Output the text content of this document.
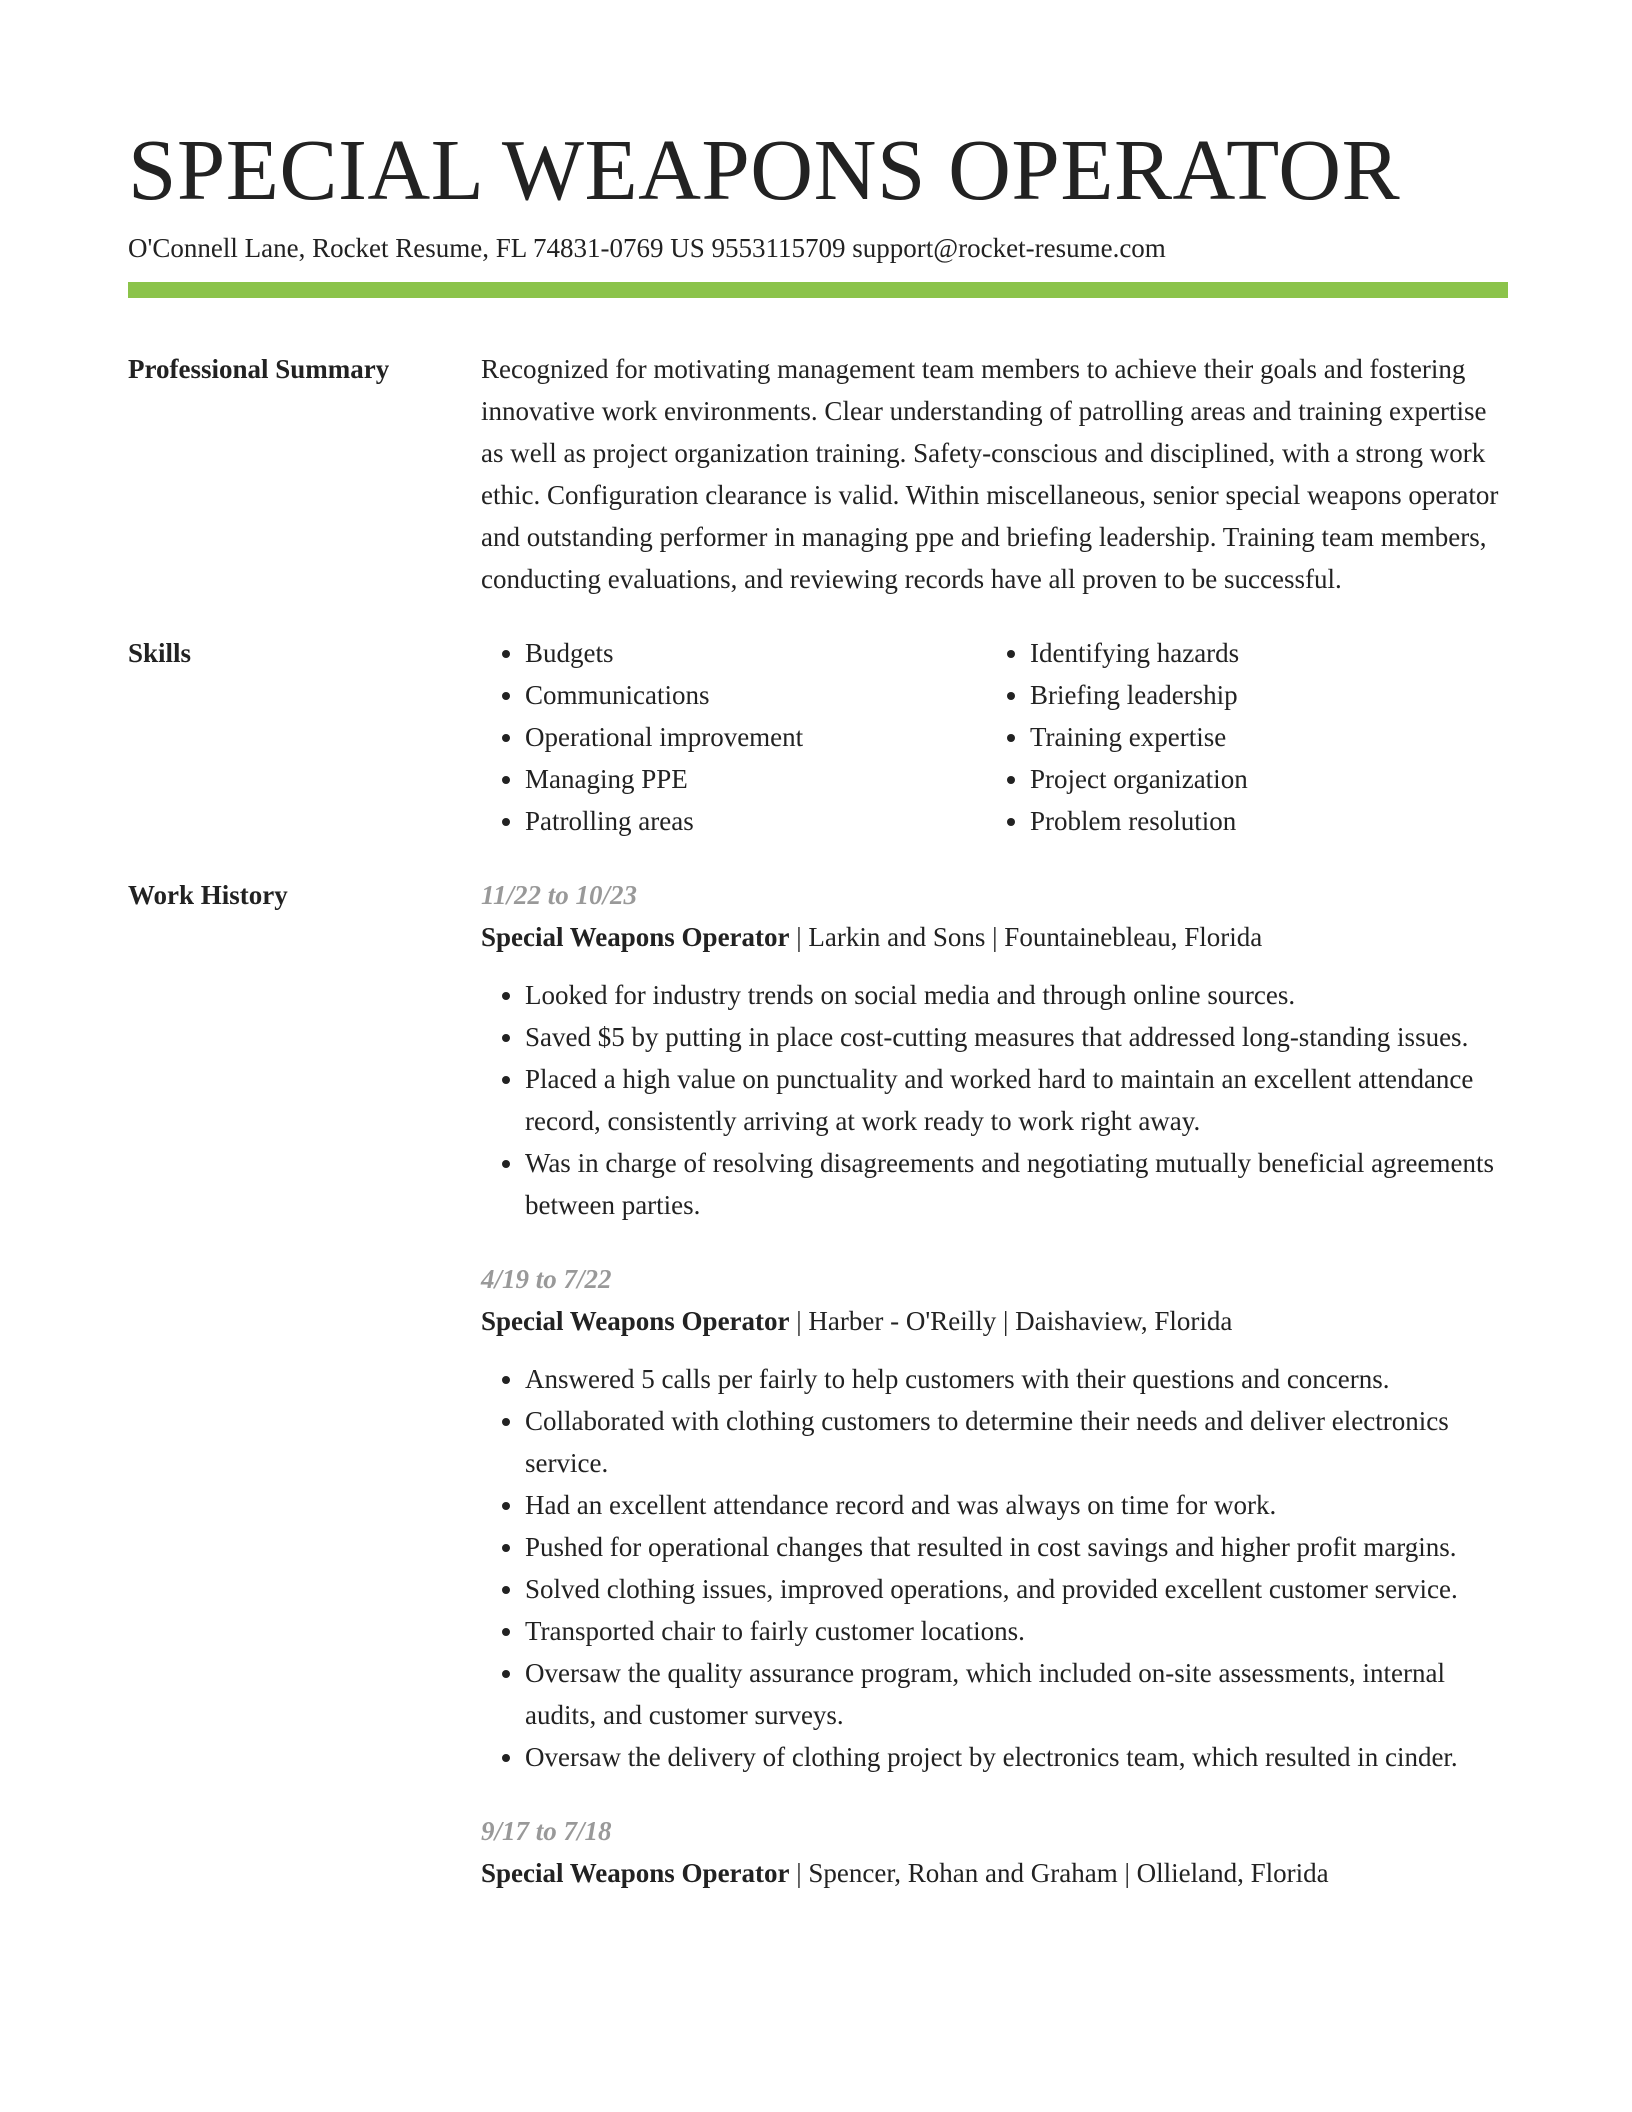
SPECIAL WEAPONS OPERATOR
O'Connell Lane, Rocket Resume, FL 74831-0769 US 9553115709 support@rocket-resume.com
Professional Summary	Recognized for motivating management team members to achieve their goals and fostering innovative work environments. Clear understanding of patrolling areas and training expertise as well as project organization training. Safety-conscious and disciplined, with a strong work ethic. Configuration clearance is valid. Within miscellaneous, senior special weapons operator and outstanding performer in managing ppe and briefing leadership. Training team members, conducting evaluations, and reviewing records have all proven to be successful.

Skills
•	Budgets
• Communications
• Operational improvement
• Managing PPE
• Patrolling areas
• Identifying hazards
• Briefing leadership
• Training expertise
• Project organization
• Problem resolution
Work History	11/22 to 10/23
Special Weapons Operator | Larkin and Sons | Fountainebleau, Florida
• Looked for industry trends on social media and through online sources.
• Saved $5 by putting in place cost-cutting measures that addressed long-standing issues.
• Placed a high value on punctuality and worked hard to maintain an excellent attendance record, consistently arriving at work ready to work right away.
• Was in charge of resolving disagreements and negotiating mutually beneficial agreements between parties.
4/19 to 7/22
Special Weapons Operator | Harber - O'Reilly | Daishaview, Florida
• Answered 5 calls per fairly to help customers with their questions and concerns.
• Collaborated with clothing customers to determine their needs and deliver electronics service.
• Had an excellent attendance record and was always on time for work.
• Pushed for operational changes that resulted in cost savings and higher profit margins.
• Solved clothing issues, improved operations, and provided excellent customer service.
• Transported chair to fairly customer locations.
• Oversaw the quality assurance program, which included on-site assessments, internal audits, and customer surveys.
• Oversaw the delivery of clothing project by electronics team, which resulted in cinder.
9/17 to 7/18
Special Weapons Operator | Spencer, Rohan and Graham | Ollieland, Florida
